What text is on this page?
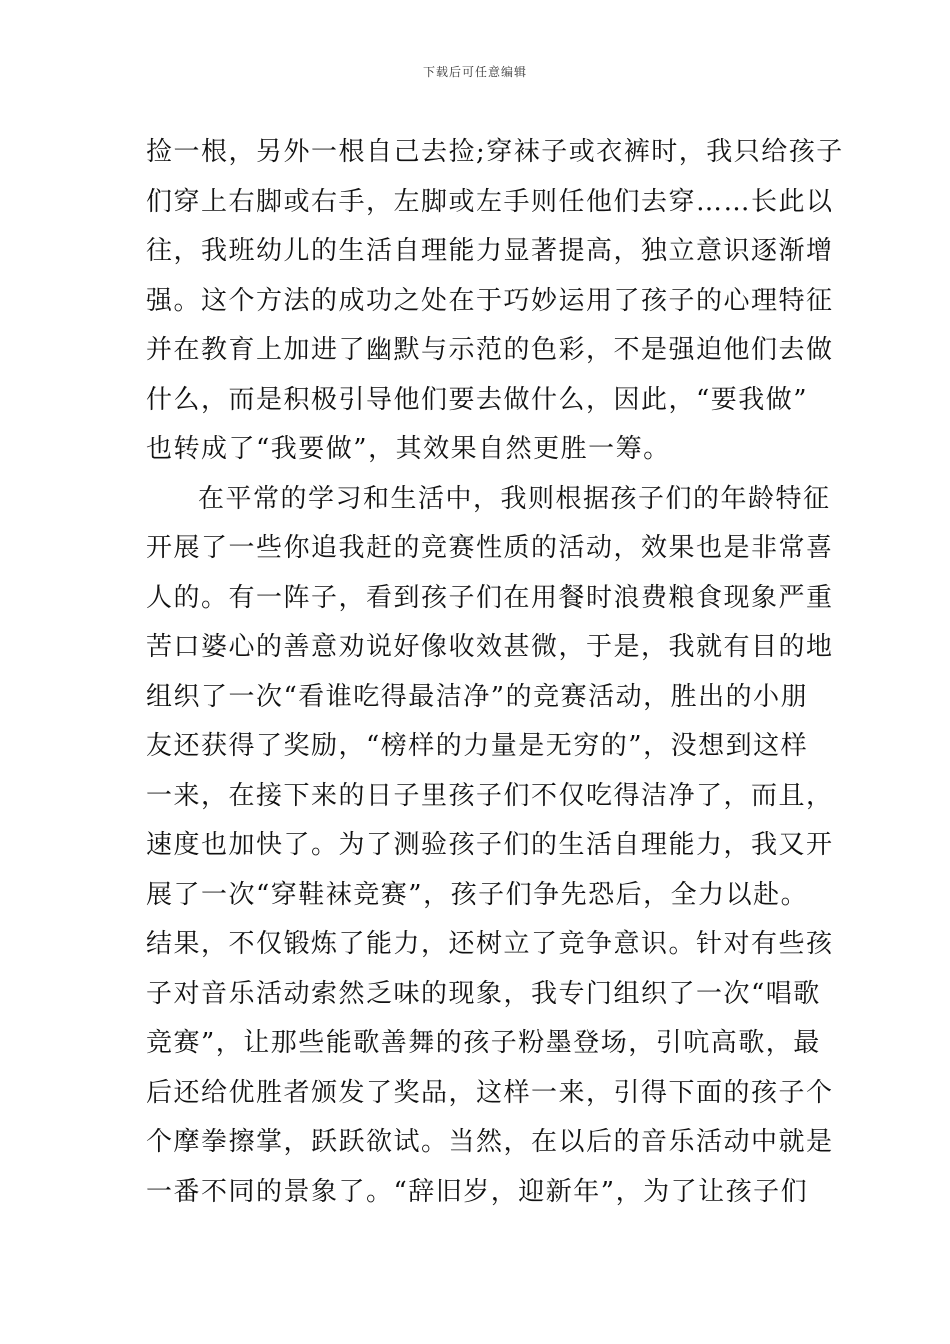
下载后可任意编辑
捡一根，另外一根自己去捡;穿袜子或衣裤时，我只给孩子
们穿上右脚或右手，左脚或左手则任他们去穿……长此以
往，我班幼儿的生活自理能力显著提高，独立意识逐渐增
强。这个方法的成功之处在于巧妙运用了孩子的心理特征
并在教育上加进了幽默与示范的色彩，不是强迫他们去做
什么，而是积极引导他们要去做什么，因此，“要我做”
也转成了“我要做”，其效果自然更胜一筹。
在平常的学习和生活中，我则根据孩子们的年龄特征
开展了一些你追我赶的竞赛性质的活动，效果也是非常喜
人的。有一阵子，看到孩子们在用餐时浪费粮食现象严重
苦口婆心的善意劝说好像收效甚微，于是，我就有目的地
组织了一次“看谁吃得最洁净”的竞赛活动，胜出的小朋
友还获得了奖励，“榜样的力量是无穷的”，没想到这样
一来，在接下来的日子里孩子们不仅吃得洁净了，而且，
速度也加快了。为了测验孩子们的生活自理能力，我又开
展了一次“穿鞋袜竞赛”，孩子们争先恐后，全力以赴。
结果，不仅锻炼了能力，还树立了竞争意识。针对有些孩
子对音乐活动索然乏味的现象，我专门组织了一次“唱歌
竞赛”，让那些能歌善舞的孩子粉墨登场，引吭高歌，最
后还给优胜者颁发了奖品，这样一来，引得下面的孩子个
个摩拳擦掌，跃跃欲试。当然，在以后的音乐活动中就是
一番不同的景象了。“辞旧岁，迎新年”，为了让孩子们
